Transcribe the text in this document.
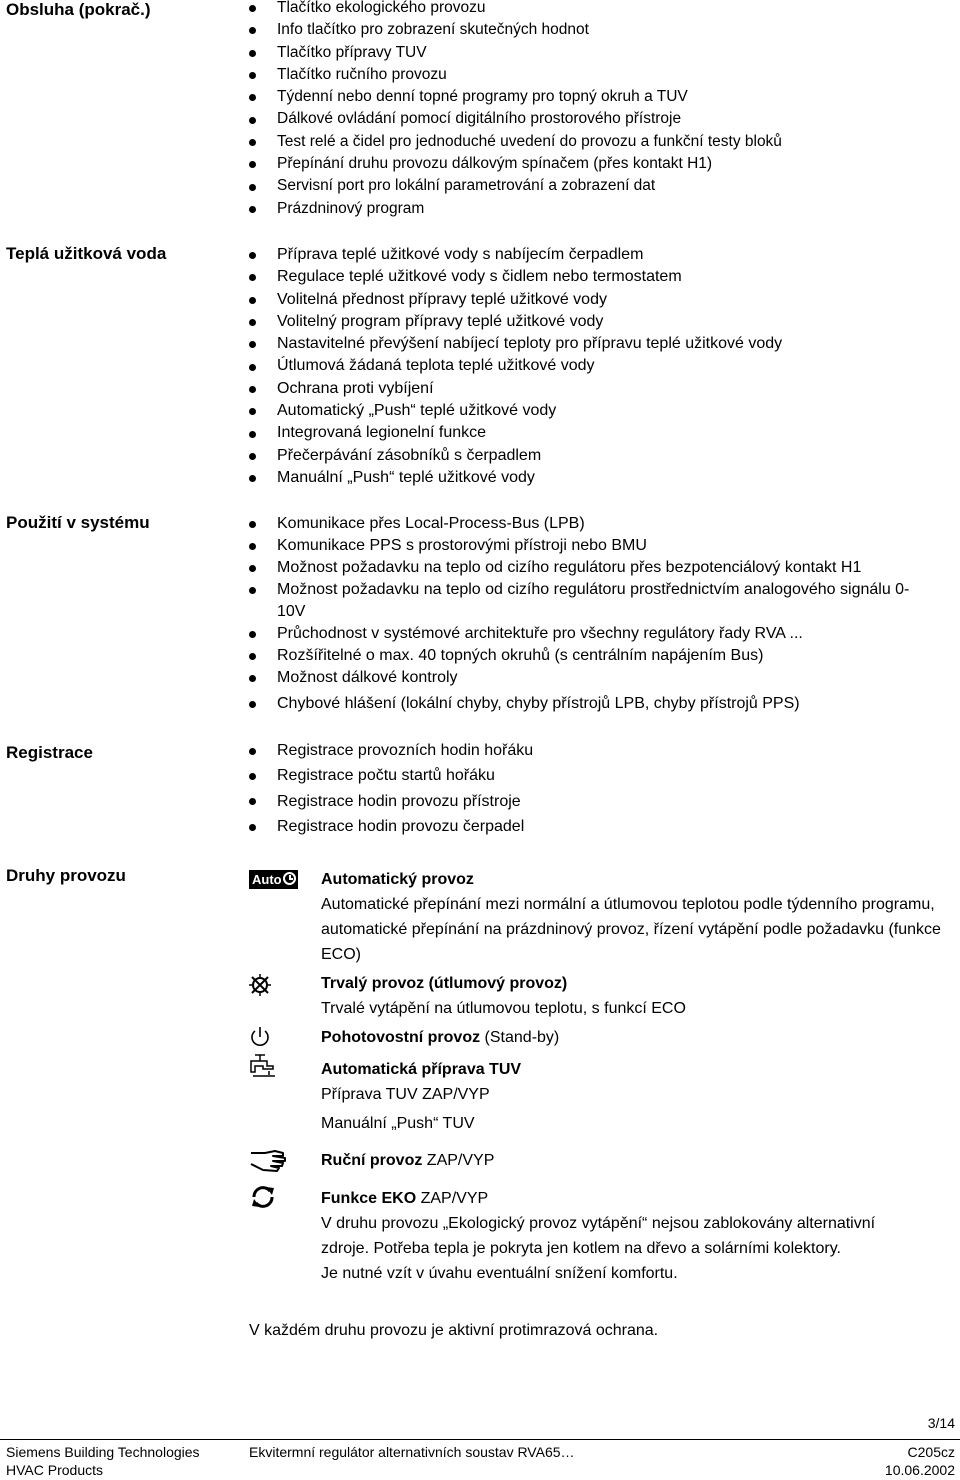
Obsluha (pokrač.)
Teplá užitková voda
Použití v systému
Registrace
Druhy provozu
Tlačítko ekologického provozu
Info tlačítko pro zobrazení skutečných hodnot
Tlačítko přípravy TUV
Tlačítko ručního provozu
Týdenní nebo denní topné programy pro topný okruh a TUV
Dálkové ovládání pomocí digitálního prostorového přístroje
Test relé a čidel pro jednoduché uvedení do provozu a funkční testy bloků
Přepínání druhu provozu dálkovým spínačem (přes kontakt H1)
Servisní port pro lokální parametrování a zobrazení dat
Prázdninový program
Příprava teplé užitkové vody s nabíjecím čerpadlem
Regulace teplé užitkové vody s čidlem nebo termostatem
Volitelná přednost přípravy teplé užitkové vody
Volitelný program přípravy teplé užitkové vody
Nastavitelné převýšení nabíjecí teploty pro přípravu teplé užitkové vody
Útlumová žádaná teplota teplé užitkové vody
Ochrana proti vybíjení
Automatický „Push“ teplé užitkové vody
Integrovaná legionelní funkce
Přečerpávání zásobníků s čerpadlem
Manuální „Push“ teplé užitkové vody
Komunikace přes Local-Process-Bus (LPB)
Komunikace PPS s prostorovými přístroji nebo BMU
Možnost požadavku na teplo od cizího regulátoru přes bezpotenciálový kontakt H1
Možnost požadavku na teplo od cizího regulátoru prostřednictvím analogového signálu 0-10V
Průchodnost v systémové architektuře pro všechny regulátory řady RVA ...
Rozšířitelné o max. 40 topných okruhů (s centrálním napájením Bus)
Možnost dálkové kontroly
Chybové hlášení (lokální chyby, chyby přístrojů LPB, chyby přístrojů PPS)
Registrace provozních hodin hořáku
Registrace počtu startů hořáku
Registrace hodin provozu přístroje
Registrace hodin provozu čerpadel
Auto	Automatický provoz
Automatické přepínání mezi normální a útlumovou teplotou podle týdenního programu, automatické přepínání na prázdninový provoz, řízení vytápění podle požadavku (funkce ECO)
Trvalý provoz (útlumový provoz)
Trvalé vytápění na útlumovou teplotu, s funkcí ECO
Pohotovostní provoz (Stand-by)
Automatická příprava TUV
Příprava TUV ZAP/VYP
Manuální „Push“ TUV
Ruční provoz ZAP/VYP
Funkce EKO ZAP/VYP
V druhu provozu „Ekologický provoz vytápění“ nejsou zablokovány alternativní zdroje. Potřeba tepla je pokryta jen kotlem na dřevo a solárními kolektory.
Je nutné vzít v úvahu eventuální snížení komfortu.
V každém druhu provozu je aktivní protimrazová ochrana.
3/14
Siemens Building Technologies
HVAC Products
Ekvitermní regulátor alternativních soustav RVA65…	C205cz
10.06.2002
